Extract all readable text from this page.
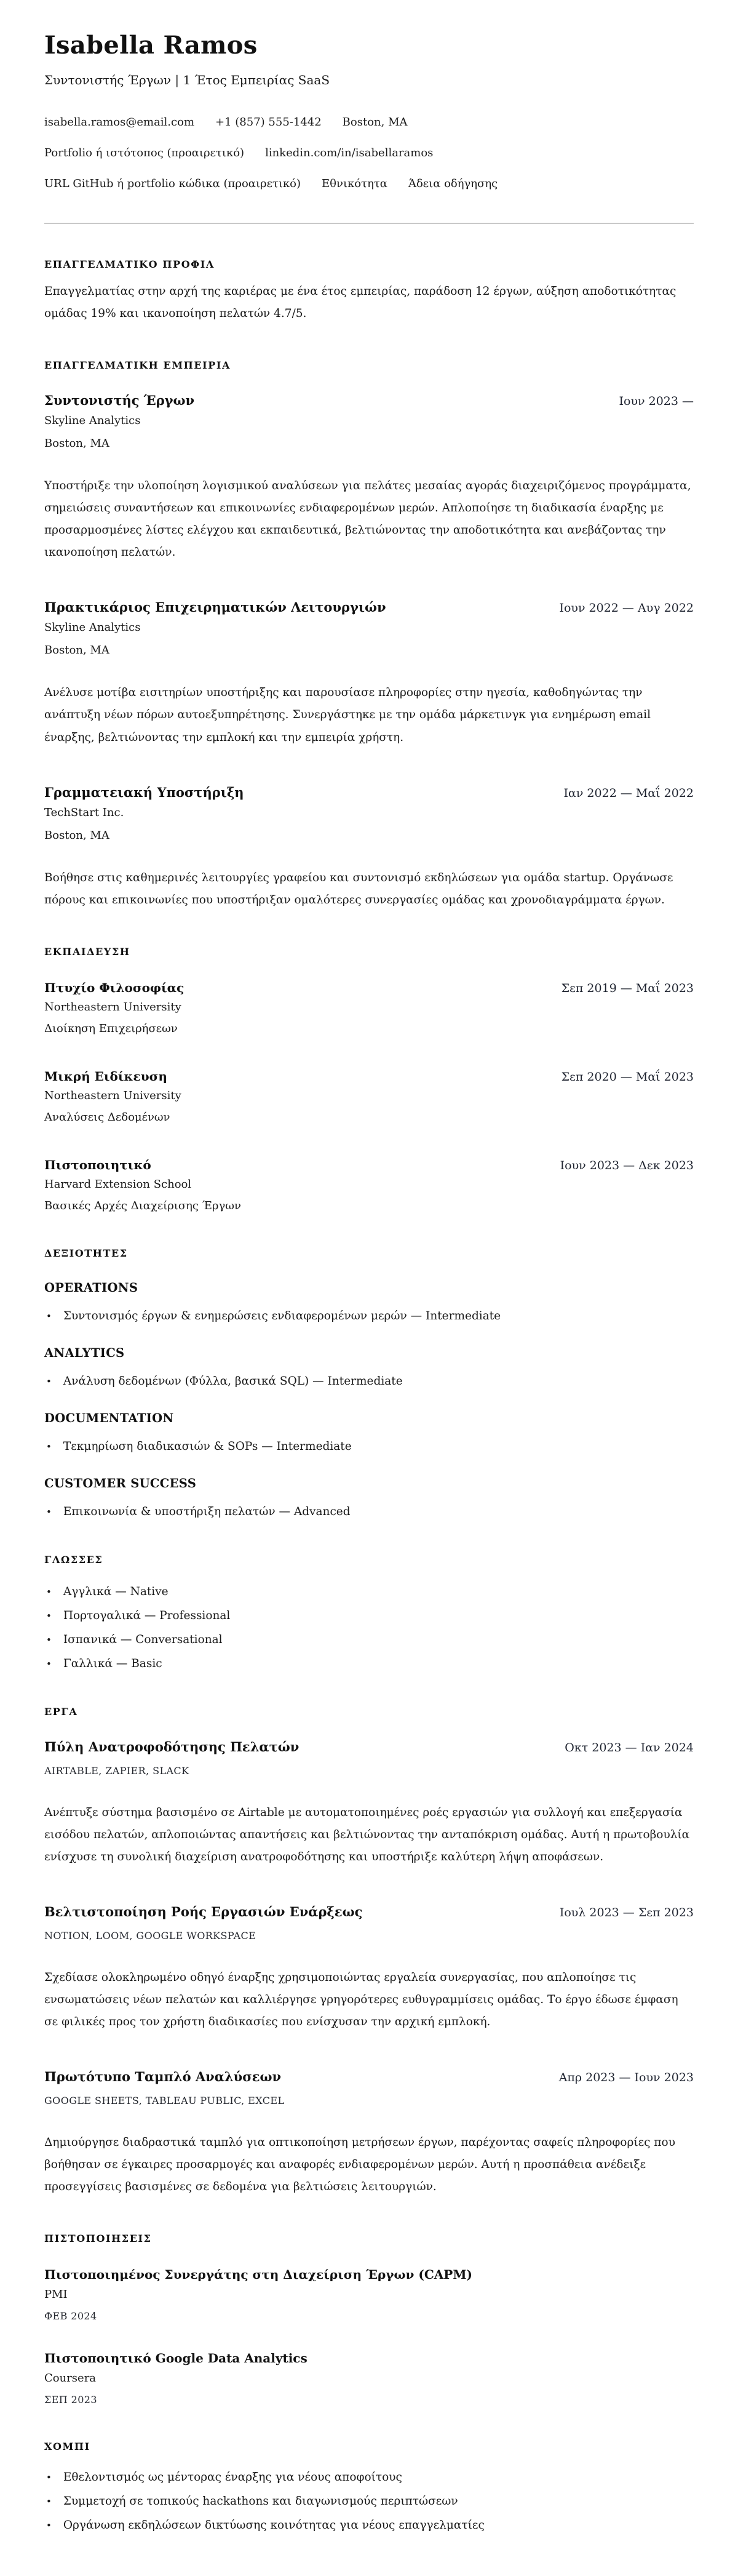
Isabella Ramos

Συντονιστής Έργων | 1 Έτος Εμπειρίας SaaS

isabella.ramos@email.com +1 (857) 555-1442 Boston, MA
Portfolio ή ιστότοπος (προαιρετικό) linkedin.com/in/isabellaramos
URL GitHub ή portfolio κώδικα (προαιρετικό) Εθνικότητα Άδεια οδήγησης
ΕΠΑΓΓΕΛΜΑΤΙΚΟ ΠΡΟΦΙΛ

Επαγγελματίας στην αρχή της καριέρας με ένα έτος εμπειρίας, παράδοση 12 έργων, αύξηση αποδοτικότητας ομάδας 19% και ικανοποίηση πελατών 4.7/5.

ΕΠΑΓΓΕΛΜΑΤΙΚΗ ΕΜΠΕΙΡΙΑ
Συντονιστής Έργων	Ιουν 2023 —
Skyline Analytics
Boston, MA

Υποστήριξε την υλοποίηση λογισμικού αναλύσεων για πελάτες μεσαίας αγοράς διαχειριζόμενος προγράμματα, σημειώσεις συναντήσεων και επικοινωνίες ενδιαφερομένων μερών. Απλοποίησε τη διαδικασία έναρξης με προσαρμοσμένες λίστες ελέγχου και εκπαιδευτικά, βελτιώνοντας την αποδοτικότητα και ανεβάζοντας την ικανοποίηση πελατών.

Πρακτικάριος Επιχειρηματικών Λειτουργιών	Ιουν 2022 — Αυγ 2022
Skyline Analytics
Boston, MA

Ανέλυσε μοτίβα εισιτηρίων υποστήριξης και παρουσίασε πληροφορίες στην ηγεσία, καθοδηγώντας την ανάπτυξη νέων πόρων αυτοεξυπηρέτησης. Συνεργάστηκε με την ομάδα μάρκετινγκ για ενημέρωση email έναρξης, βελτιώνοντας την εμπλοκή και την εμπειρία χρήστη.

Γραμματειακή Υποστήριξη	Ιαν 2022 — Μαΐ 2022
TechStart Inc.
Boston, MA

Βοήθησε στις καθημερινές λειτουργίες γραφείου και συντονισμό εκδηλώσεων για ομάδα startup. Οργάνωσε πόρους και επικοινωνίες που υποστήριξαν ομαλότερες συνεργασίες ομάδας και χρονοδιαγράμματα έργων.

ΕΚΠΑΙΔΕΥΣΗ
Πτυχίο Φιλοσοφίας	Σεπ 2019 — Μαΐ 2023
Northeastern University
Διοίκηση Επιχειρήσεων
Μικρή Ειδίκευση	Σεπ 2020 — Μαΐ 2023
Northeastern University
Αναλύσεις Δεδομένων
Πιστοποιητικό	Ιουν 2023 — Δεκ 2023
Harvard Extension School
Βασικές Αρχές Διαχείρισης Έργων
ΔΕΞΙΟΤΗΤΕΣ
OPERATIONS
• Συντονισμός έργων & ενημερώσεις ενδιαφερομένων μερών — Intermediate
ANALYTICS
• Ανάλυση δεδομένων (Φύλλα, βασικά SQL) — Intermediate
DOCUMENTATION
• Τεκμηρίωση διαδικασιών & SOPs — Intermediate
CUSTOMER SUCCESS
• Επικοινωνία & υποστήριξη πελατών — Advanced
ΓΛΩΣΣΕΣ
• Αγγλικά — Native
• Πορτογαλικά — Professional
• Ισπανικά — Conversational
• Γαλλικά — Basic
ΕΡΓΑ
Πύλη Ανατροφοδότησης Πελατών	Οκτ 2023 — Ιαν 2024
AIRTABLE, ZAPIER, SLACK

Ανέπτυξε σύστημα βασισμένο σε Airtable με αυτοματοποιημένες ροές εργασιών για συλλογή και επεξεργασία εισόδου πελατών, απλοποιώντας απαντήσεις και βελτιώνοντας την ανταπόκριση ομάδας. Αυτή η πρωτοβουλία ενίσχυσε τη συνολική διαχείριση ανατροφοδότησης και υποστήριξε καλύτερη λήψη αποφάσεων.

Βελτιστοποίηση Ροής Εργασιών Ενάρξεως	Ιουλ 2023 — Σεπ 2023
NOTION, LOOM, GOOGLE WORKSPACE

Σχεδίασε ολοκληρωμένο οδηγό έναρξης χρησιμοποιώντας εργαλεία συνεργασίας, που απλοποίησε τις ενσωματώσεις νέων πελατών και καλλιέργησε γρηγορότερες ευθυγραμμίσεις ομάδας. Το έργο έδωσε έμφαση σε φιλικές προς τον χρήστη διαδικασίες που ενίσχυσαν την αρχική εμπλοκή.

Πρωτότυπο Ταμπλό Αναλύσεων	Απρ 2023 — Ιουν 2023
GOOGLE SHEETS, TABLEAU PUBLIC, EXCEL

Δημιούργησε διαδραστικά ταμπλό για οπτικοποίηση μετρήσεων έργων, παρέχοντας σαφείς πληροφορίες που βοήθησαν σε έγκαιρες προσαρμογές και αναφορές ενδιαφερομένων μερών. Αυτή η προσπάθεια ανέδειξε προσεγγίσεις βασισμένες σε δεδομένα για βελτιώσεις λειτουργιών.

ΠΙΣΤΟΠΟΙΗΣΕΙΣ
Πιστοποιημένος Συνεργάτης στη Διαχείριση Έργων (CAPM)
PMI
ΦΕΒ 2024
Πιστοποιητικό Google Data Analytics
Coursera
ΣΕΠ 2023
ΧΟΜΠΙ
• Εθελοντισμός ως μέντορας έναρξης για νέους αποφοίτους
• Συμμετοχή σε τοπικούς hackathons και διαγωνισμούς περιπτώσεων
• Οργάνωση εκδηλώσεων δικτύωσης κοινότητας για νέους επαγγελματίες
